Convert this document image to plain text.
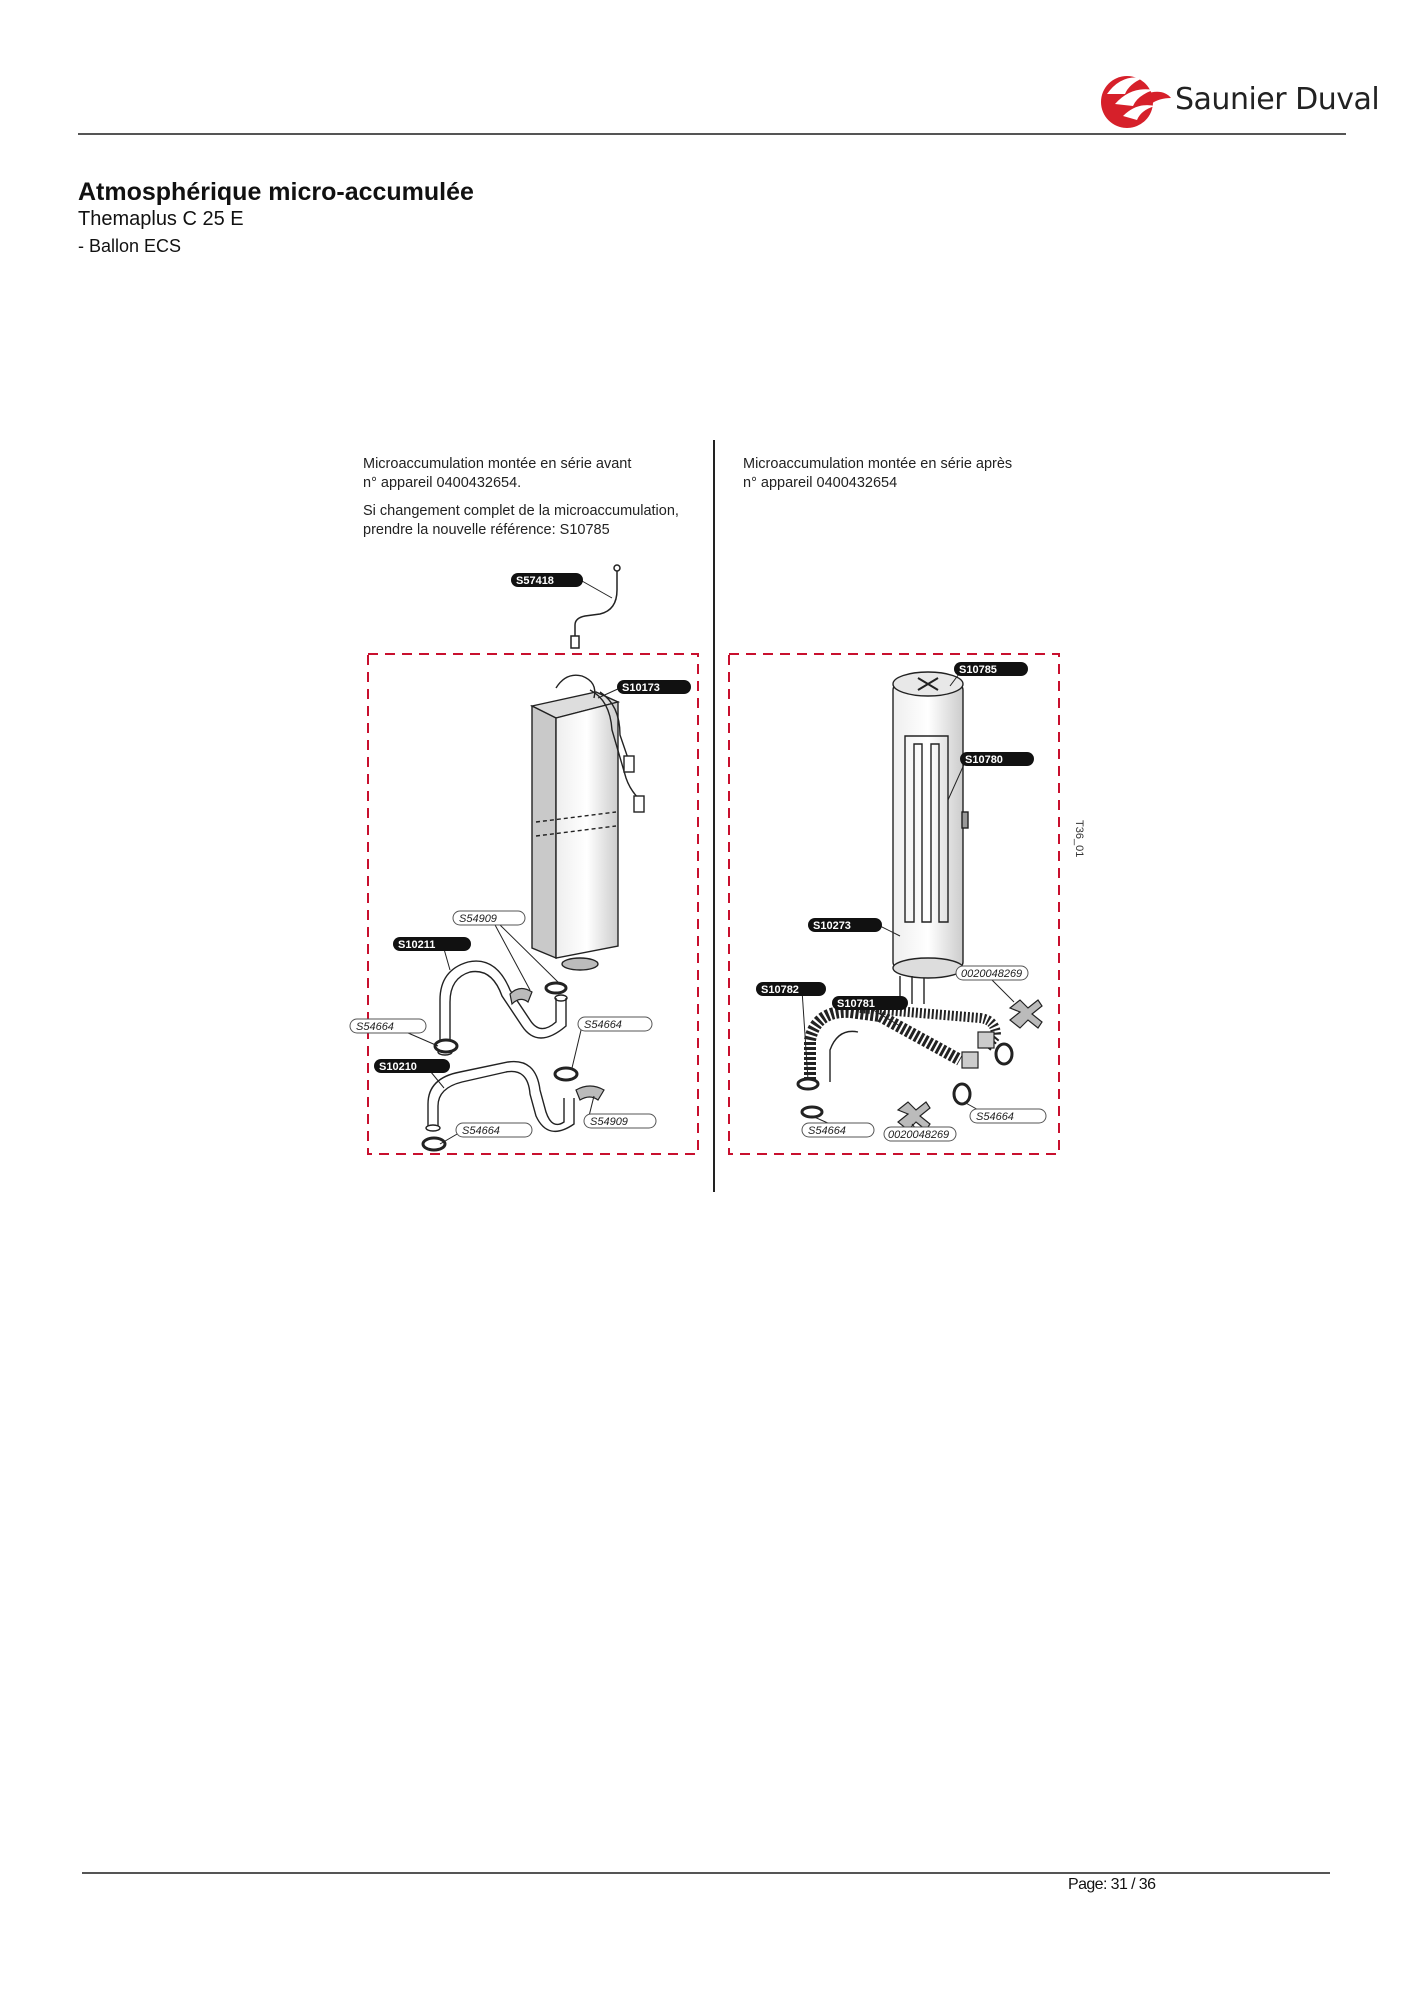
Saunier Duval
Atmosphérique micro-accumulée
Themaplus C 25 E
- Ballon ECS
Microaccumulation montée en série avant
n° appareil 0400432654.
Si changement complet de la microaccumulation,
prendre la nouvelle référence: S10785
Microaccumulation montée en série après
n° appareil 0400432654
T36_01
S57418
S10173
S10211
S10210
S10785
S10780
S10273
S10782
S10781
S54909
S54664	S54664
S54909
S54664
0020048269
S54664
S54664	0020048269
Page: 31 / 36
